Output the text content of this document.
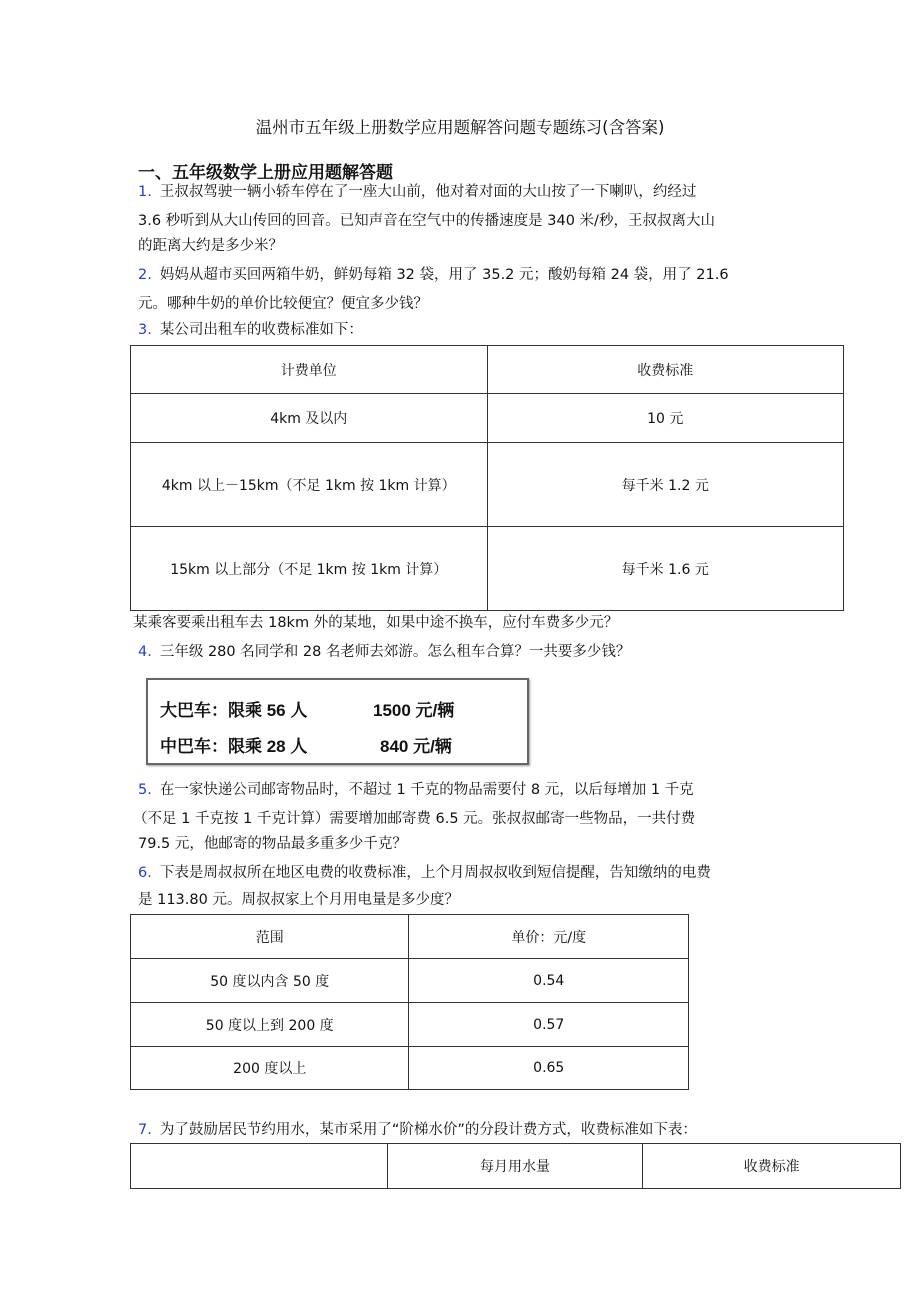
温州市五年级上册数学应用题解答问题专题练习(含答案)
一、五年级数学上册应用题解答题
1. 王叔叔驾驶一辆小轿车停在了一座大山前，他对着对面的大山按了一下喇叭，约经过
3.6 秒听到从大山传回的回音。已知声音在空气中的传播速度是 340 米/秒，王叔叔离大山
的距离大约是多少米？
2. 妈妈从超市买回两箱牛奶，鲜奶每箱 32 袋，用了 35.2 元；酸奶每箱 24 袋，用了 21.6
元。哪种牛奶的单价比较便宜？便宜多少钱？
3. 某公司出租车的收费标准如下：
计费单位	收费标准
4km 及以内	10 元
4km 以上－15km（不足 1km 按 1km 计算）	每千米 1.2 元
15km 以上部分（不足 1km 按 1km 计算）	每千米 1.6 元
某乘客要乘出租车去 18km 外的某地，如果中途不换车，应付车费多少元？
4. 三年级 280 名同学和 28 名老师去郊游。怎么租车合算？一共要多少钱？
大巴车：限乘 56 人	1500 元/辆
中巴车：限乘 28 人	840 元/辆
5. 在一家快递公司邮寄物品时，不超过 1 千克的物品需要付 8 元，以后每增加 1 千克
（不足 1 千克按 1 千克计算）需要增加邮寄费 6.5 元。张叔叔邮寄一些物品，一共付费
79.5 元，他邮寄的物品最多重多少千克？
6. 下表是周叔叔所在地区电费的收费标准，上个月周叔叔收到短信提醒，告知缴纳的电费
是 113.80 元。周叔叔家上个月用电量是多少度？
范围	单价：元/度
50 度以内含 50 度	0.54
50 度以上到 200 度	0.57
200 度以上	0.65
7. 为了鼓励居民节约用水，某市采用了“阶梯水价”的分段计费方式，收费标准如下表：
	每月用水量	收费标准
